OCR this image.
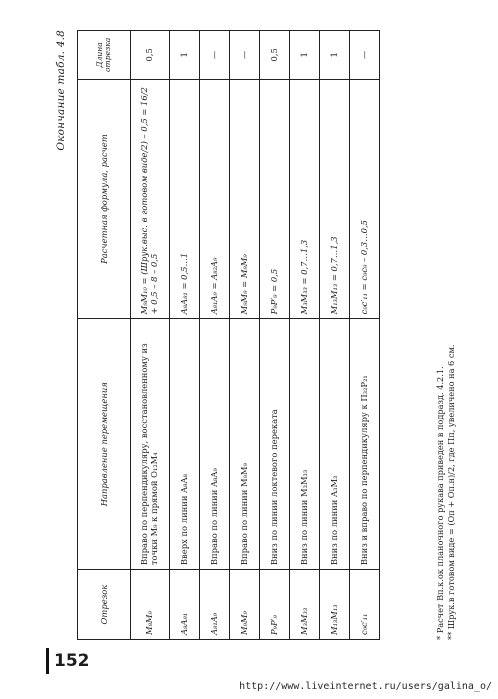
Окончание табл. 4.8
Отрезок	Направление перемещения	Расчетная формула, расчет	Длина отрезка
M₈M₉	Вправо по перпендикуляру, восстановленному из точки M₉ к прямой O₁₂M₄	M₉M₁₀ = (Шрук.выс. в готовом виде/2) – 0,5 = 16/2 + 0,5 – 8 – 0,5	0,5
A₈A₈₁	Вверх по линии A₈A₈	A₈A₈₁ = 0,5…1	1
A₈₁A₉	Вправо по линии A₈A₉	A₈₁A₉ = A₈₂A₉	—
M₉M₉	Вправо по линии M₉M₉	M₉M₉ = M₉M₉	—
P₉P′₉	Вниз по линии локтевого переката	P₉P′₉ = 0,5	0,5
M₃M₃₃	Вниз по линии M₃M₃₃	M₃M₃₃ = 0,7…1,3	1
M₁₃M₁₃	Вниз по линии A₃M₃	M₁₃M₁₃ = 0,7…1,3	1
c₉c′₁₁	Вниз и вправо по перпендикуляру к П₃₂P₂₁	c₉c′₁₁ = c₉c₉ – 0,3…0,5	—
* Расчет Bп.к.ок планочного рукава приведен в подразд. 4.2.1. ** Шрук.в готовом виде = (Oп + Oп.н)/2, где Пп, увеличено на 6 см.
152
http://www.liveinternet.ru/users/galina_o/
